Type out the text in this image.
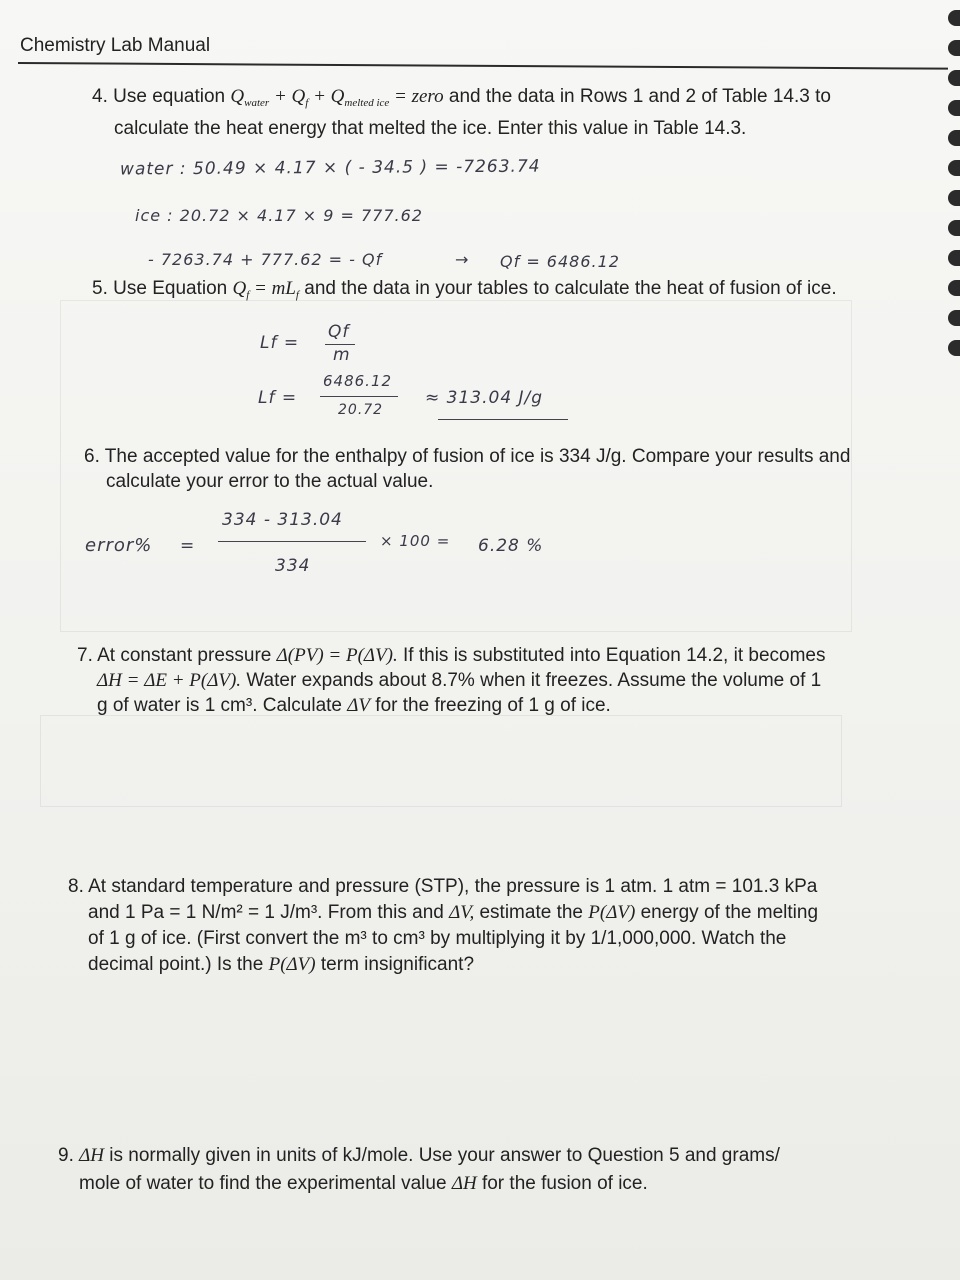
Chemistry Lab Manual
4. Use equation $Q_{water} + Q_f + Q_{melted ice}$ = zero and the data in Rows 1 and 2 of Table 14.3 to
calculate the heat energy that melted the ice. Enter this value in Table 14.3.
water : 50.49 × 4.17 × ( - 34.5 ) = -7263.74
ice : 20.72 × 4.17 × 9 = 777.62
- 7263.74 + 777.62 = - Qf	→ Qf = 6486.12
5. Use Equation $Q_f = mL_f$ and the data in your tables to calculate the heat of fusion of ice.
Lf =
Qf
m
Lf =
6486.12
20.72
≈ 313.04 J/g
6. The accepted value for the enthalpy of fusion of ice is 334 J/g. Compare your results and
calculate your error to the actual value.
334 - 313.04
error% =
334
× 100 = 6.28 %
7. At constant pressure Δ(PV) = P(ΔV). If this is substituted into Equation 14.2, it becomes
ΔH = ΔE + P(ΔV). Water expands about 8.7% when it freezes. Assume the volume of 1
g of water is 1 cm³. Calculate ΔV for the freezing of 1 g of ice.
8. At standard temperature and pressure (STP), the pressure is 1 atm. 1 atm = 101.3 kPa
and 1 Pa = 1 N/m² = 1 J/m³. From this and ΔV, estimate the P(ΔV) energy of the melting
of 1 g of ice. (First convert the m³ to cm³ by multiplying it by 1/1,000,000. Watch the
decimal point.) Is the P(ΔV) term insignificant?
9. ΔH is normally given in units of kJ/mole. Use your answer to Question 5 and grams/
mole of water to find the experimental value ΔH for the fusion of ice.
